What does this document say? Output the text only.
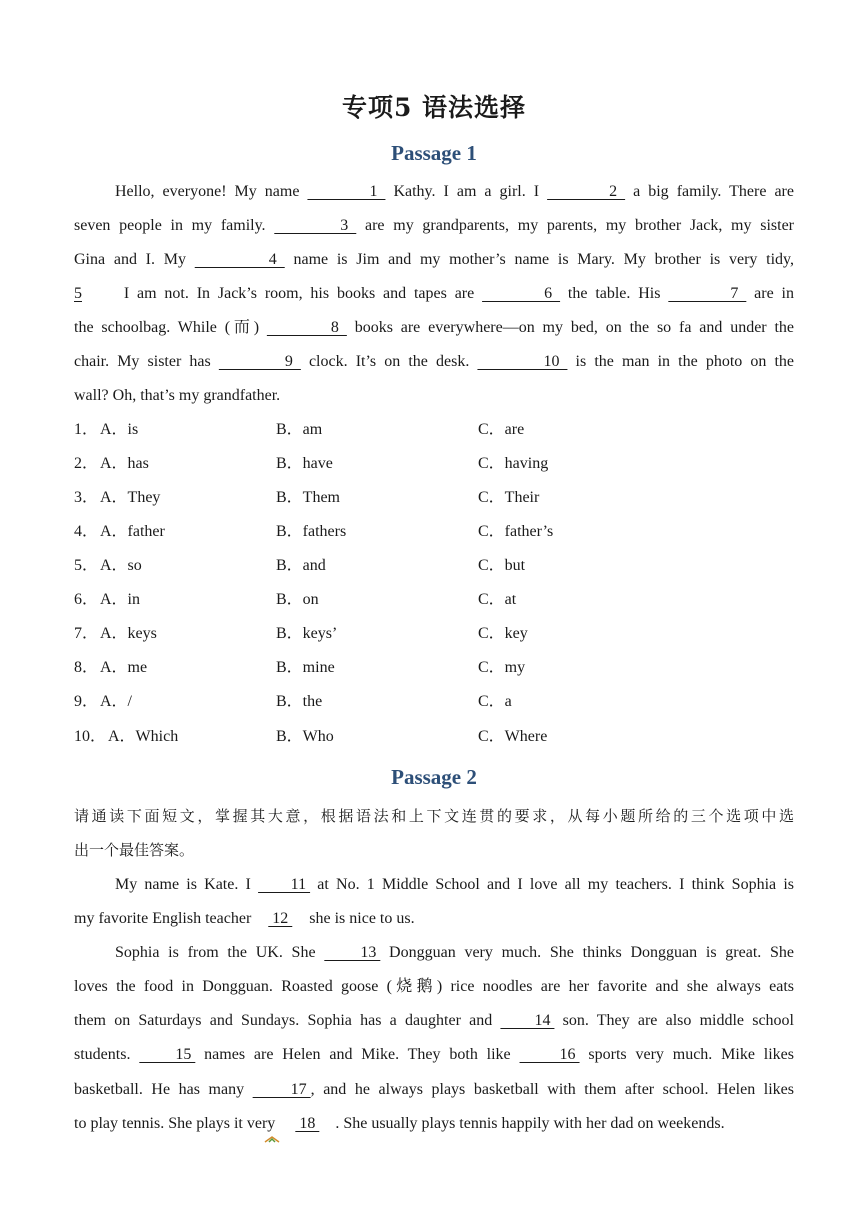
专项5 语法选择
Passage 1
Hello, everyone! My name   1   Kathy. I am a girl. I   2   a big family. There are
seven people in my family.   3   are my grandparents, my parents, my brother Jack, my sister
Gina and I. My   4   name is Jim and my mother’s name is Mary. My brother is very tidy,
5 I am not. In Jack’s room, his books and tapes are   6   the table. His   7   are in
the schoolbag. While (而)   8   books are everywhere—on my bed, on the so fa and under the
chair. My sister has   9   clock. It’s on the desk.   10   is the man in the photo on the
wall? Oh, that’s my grandfather.
1． A．is	B．am	C．are
2． A．has	B．have	C．having
3． A．They	B．Them	C．Their
4． A．father	B．fathers	C．father’s
5． A．so	B．and	C．but
6． A．in	B．on	C．at
7． A．keys	B．keys’	C．key
8． A．me	B．mine	C．my
9． A．/	B．the	C．a
10． A．Which	B．Who	C．Where
Passage 2
请通读下面短文，掌握其大意，根据语法和上下文连贯的要求，从每小题所给的三个选项中选
出一个最佳答案。
My name is Kate. I  11  at No. 1 Middle School and I love all my teachers. I think Sophia is
my favorite English teacher  12  she is nice to us.
Sophia is from the UK. She  13  Dongguan very much. She thinks Dongguan is great. She
loves the food in Dongguan. Roasted goose (烧鹅) rice noodles are her favorite and she always eats
them on Saturdays and Sundays. Sophia has a daughter and  14  son. They are also middle school
students.  15  names are Helen and Mike. They both like  16  sports very much. Mike likes
basketball. He has many  17 , and he always plays basketball with them after school. Helen likes
to play tennis. She plays it very  18 . She usually plays tennis happily with her dad on weekends.
